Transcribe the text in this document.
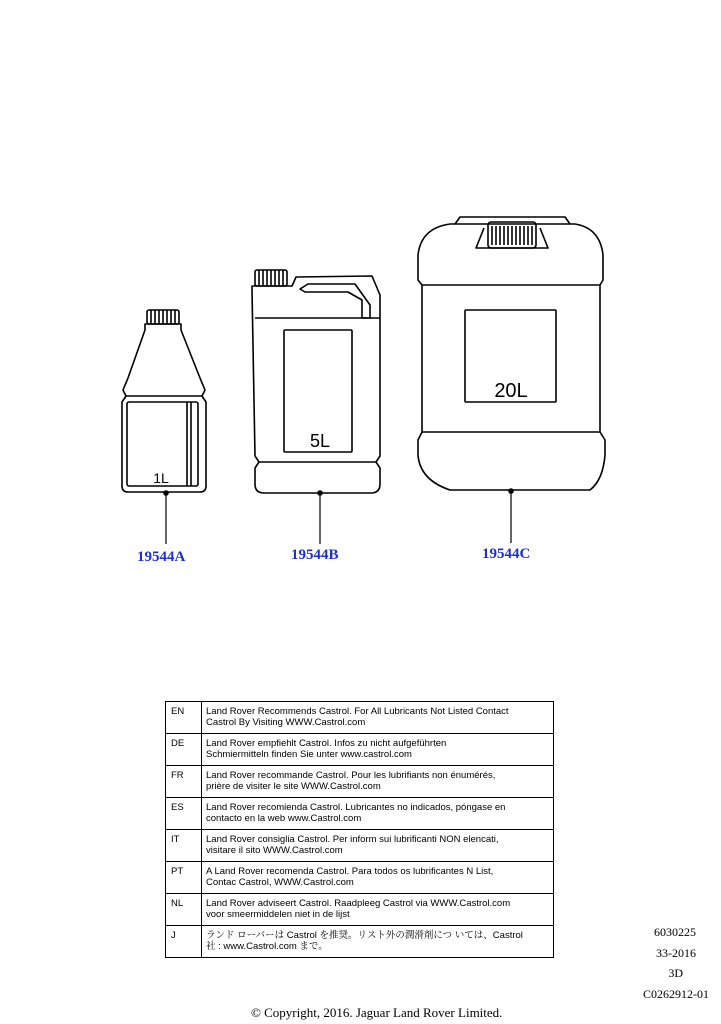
1L
5L
20L
19544A	19544B	19544C
EN	Land Rover Recommends Castrol. For All Lubricants Not Listed Contact
Castrol By Visiting WWW.Castrol.com
DE	Land Rover empfiehlt Castrol. Infos zu nicht aufgeführten
Schmiermitteln finden Sie unter www.castrol.com
FR	Land Rover recommande Castrol. Pour les lubrifiants non énumérés,
prière de visiter le site WWW.Castrol.com
ES	Land Rover recomienda Castrol. Lubricantes no indicados, póngase en
contacto en la web www.Castrol.com
IT	Land Rover consiglia Castrol. Per inform sui lubrificanti NON elencati,
visitare il sito WWW.Castrol.com
PT	A Land Rover recomenda Castrol. Para todos os lubrificantes N List,
Contac Castrol, WWW.Castrol.com
NL	Land Rover adviseert Castrol. Raadpleeg Castrol via WWW.Castrol.com
voor smeermiddelen niet in de lijst
J	ランド ローバーは Castrol を推奨。リスト外の潤滑剤につ いては、Castrol
社 : www.Castrol.com まで。
6030225
33-2016
3D
C0262912-01
© Copyright, 2016. Jaguar Land Rover Limited.
